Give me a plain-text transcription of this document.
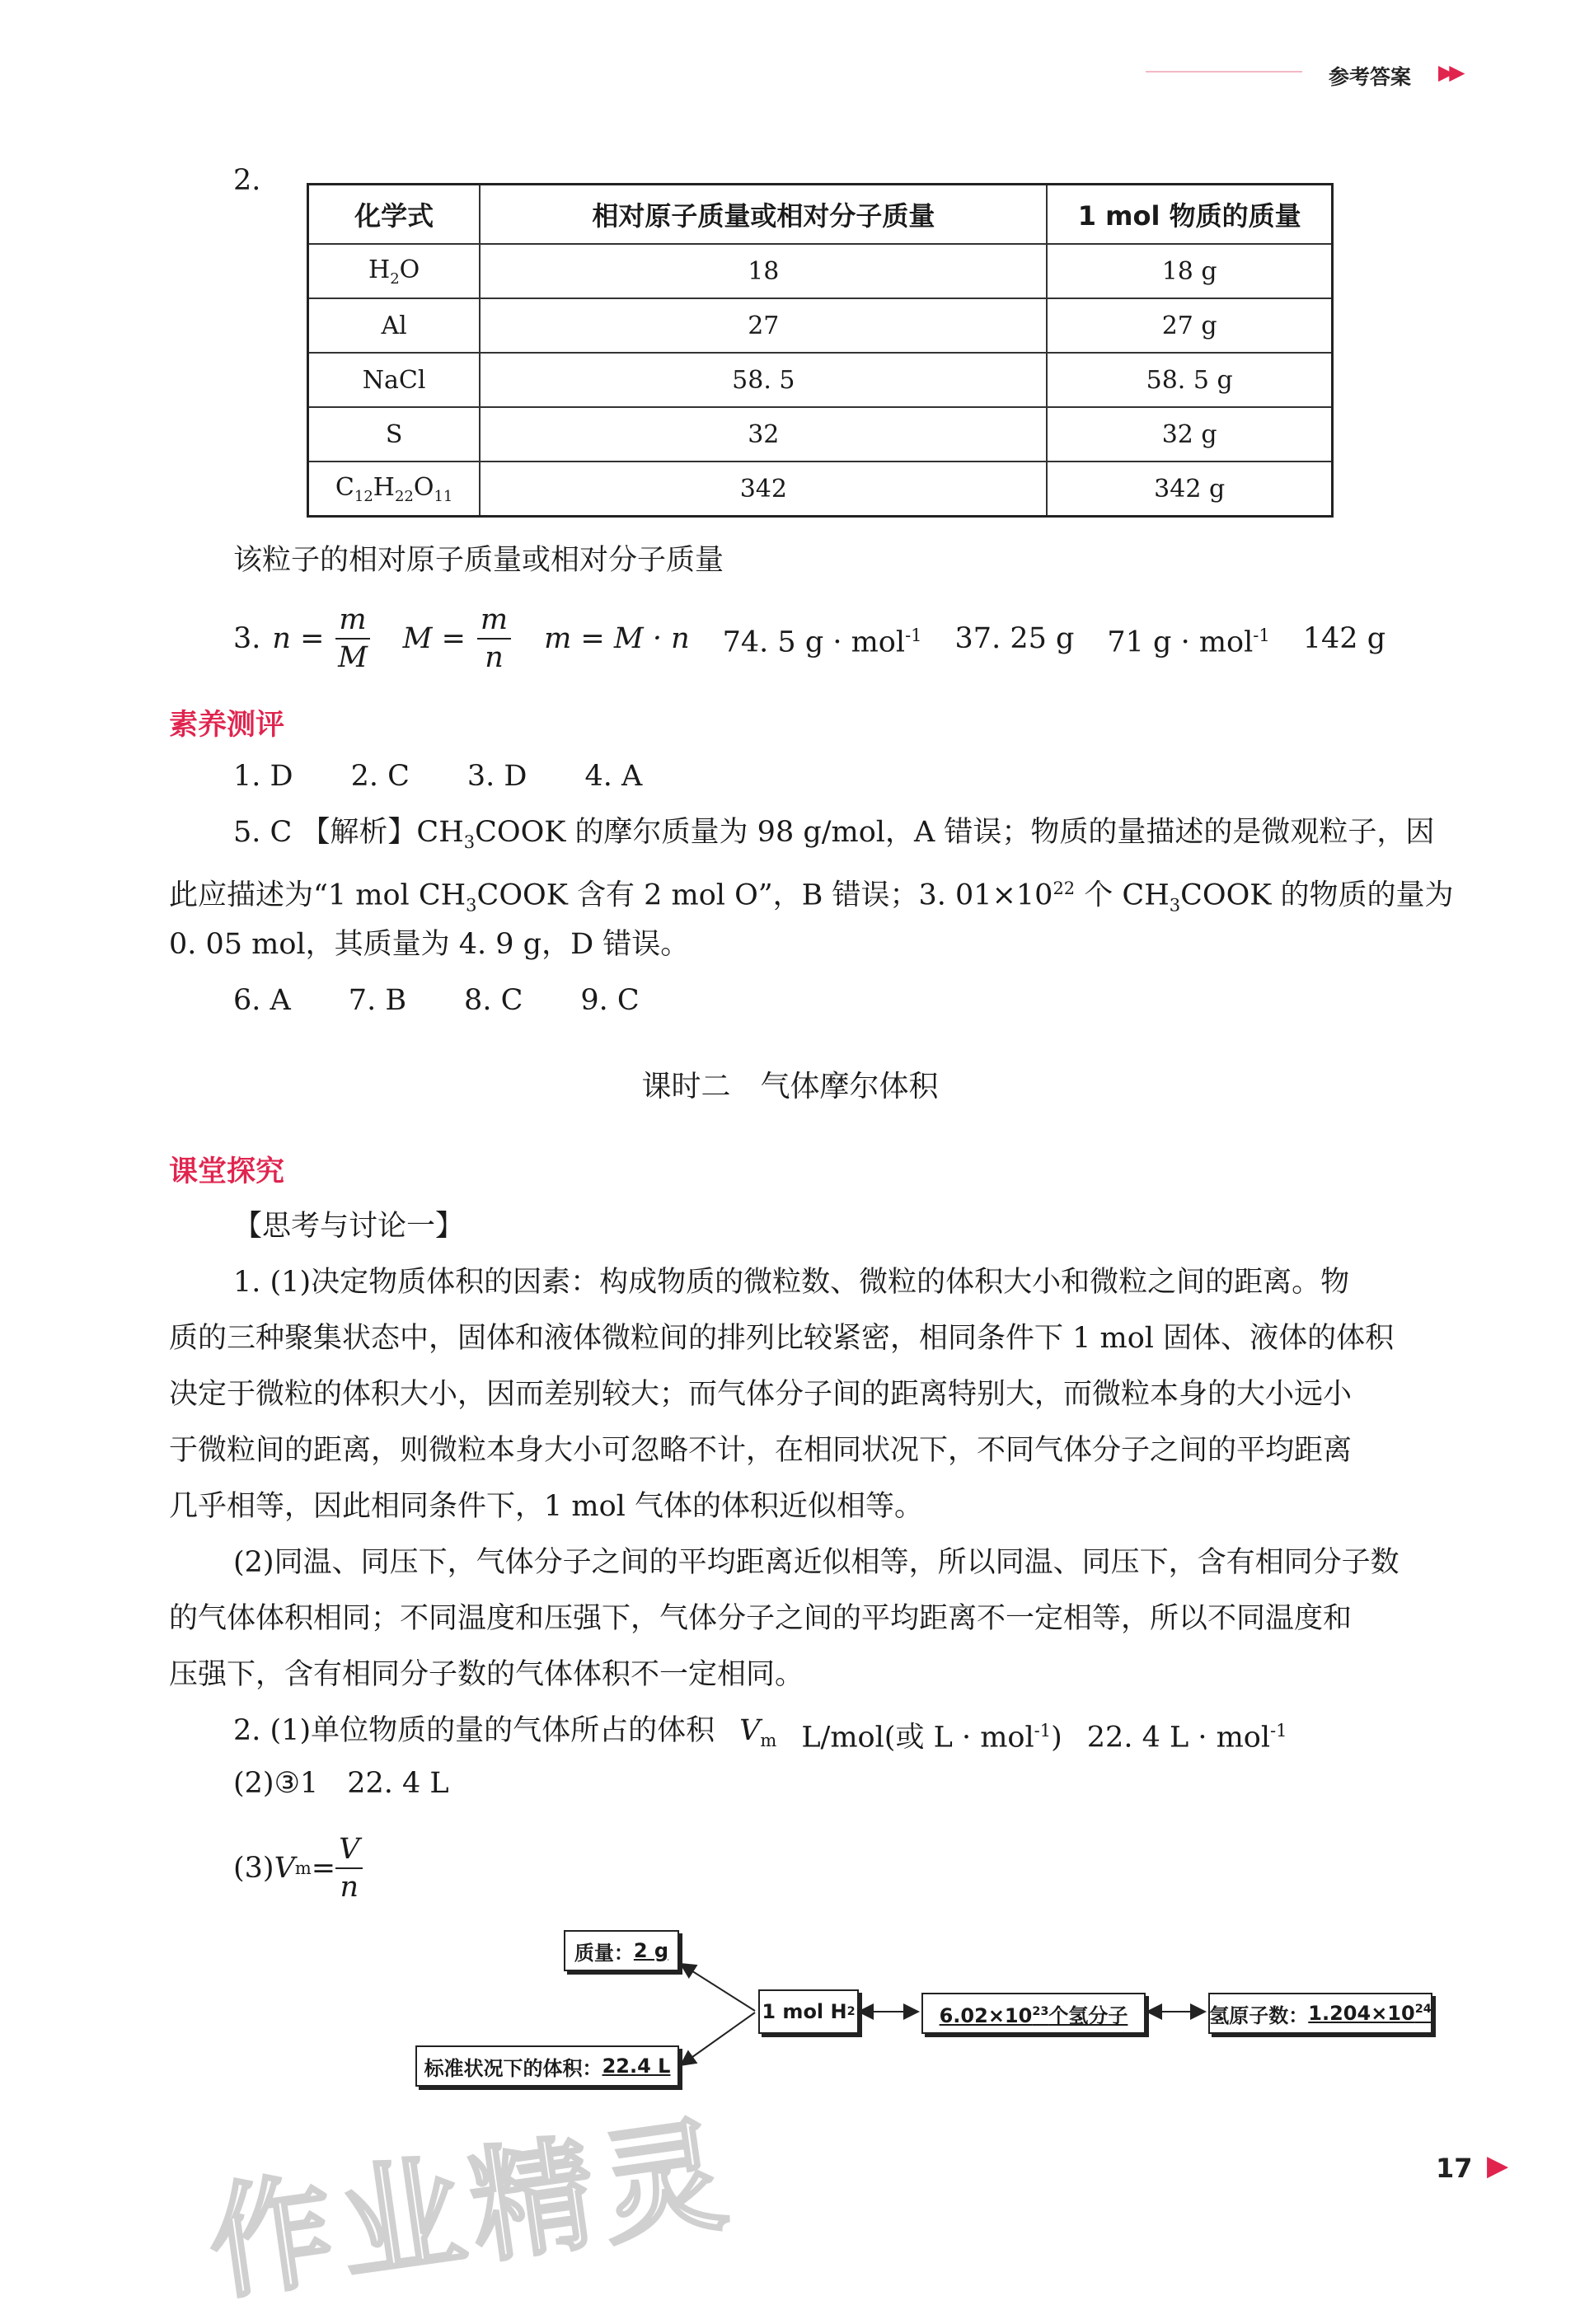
参考答案 ▶▶
2.
化学式	相对原子质量或相对分子质量	1 mol 物质的质量
$H_2O$	18	18 g
Al	27	27 g
NaCl	58. 5	58. 5 g
S	32	32 g
$C_{12}H_{22}O_{11}$	342	342 g
该粒子的相对原子质量或相对分子质量
3. $n = \frac{m}{M}$ $M = \frac{m}{n}$ m = M · n 74. 5 g · mol$^{-1}$ 37. 25 g 71 g · mol$^{-1}$ 142 g
素养测评
1. D 2. C 3. D 4. A
5. C 【解析】$CH_3COOK$ 的摩尔质量为 98 g/mol，A 错误；物质的量描述的是微观粒子，因
此应描述为“1 mol $CH_3COOK$ 含有 2 mol O”，B 错误；3. $01\times 10^{22}$ 个 $CH_3COOK$ 的物质的量为
0. 05 mol，其质量为 4. 9 g，D 错误。
6. A 7. B 8. C 9. C
课时二　气体摩尔体积
课堂探究
【思考与讨论一】
1. (1)决定物质体积的因素：构成物质的微粒数、微粒的体积大小和微粒之间的距离。物
质的三种聚集状态中，固体和液体微粒间的排列比较紧密，相同条件下 1 mol 固体、液体的体积
决定于微粒的体积大小，因而差别较大；而气体分子间的距离特别大，而微粒本身的大小远小
于微粒间的距离，则微粒本身大小可忽略不计，在相同状况下，不同气体分子之间的平均距离
几乎相等，因此相同条件下，1 mol 气体的体积近似相等。
(2)同温、同压下，气体分子之间的平均距离近似相等，所以同温、同压下，含有相同分子数
的气体体积相同；不同温度和压强下，气体分子之间的平均距离不一定相等，所以不同温度和
压强下，含有相同分子数的气体体积不一定相同。
2. (1)单位物质的量的气体所占的体积 $V_m$ L/mol(或 L · mol$^{-1}$) 22. 4 L · mol$^{-1}$
(2)③1　22. 4 L
(3) V $m = \frac{V}{n}$
质量： 2 g
1 mol H 2	$6.02\times 10^{23}$个氢分子	氢原子数： $1.204\times 10^{24}$
标准状况下的体积： 22.4 L
作业精灵	17 ▶
